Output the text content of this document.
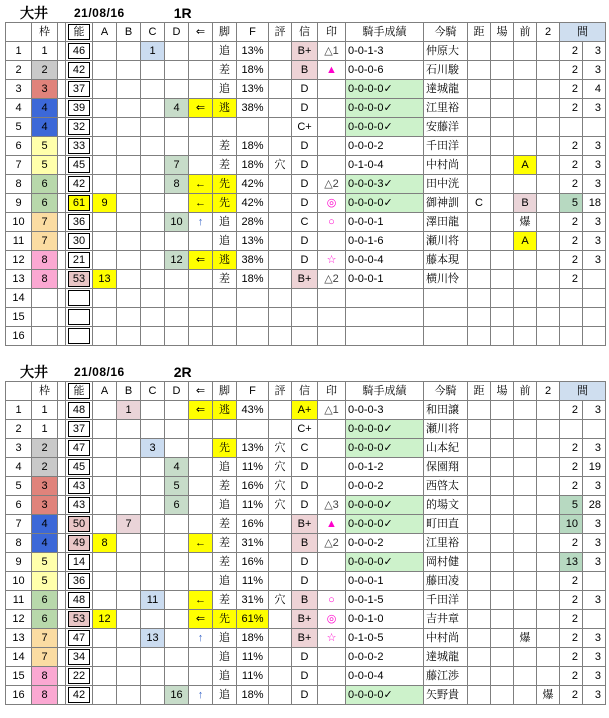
大井 21/08/16	1R
	枠		能	A	B	C	D	⇐	脚	F	評	信	印	騎手成績	今騎	距	場	前	2	間	
1	1		46			1			追	13%		B+	△1	0-0-1-3	仲原大					2	3
2	2		42						差	18%		B	▲	0-0-0-6	石川駿					2	3
3	3		37						追	13%		D		0-0-0-0✓	達城龍					2	4
4	4		39				4	⇐	逃	38%		D		0-0-0-0✓	江里裕					2	3
5	4		32									C+		0-0-0-0✓	安藤洋						
6	5		33						差	18%		D		0-0-0-2	千田洋					2	3
7	5		45				7		差	18%	穴	D		0-1-0-4	中村尚			A		2	3
8	6		42				8	←	先	42%		D	△2	0-0-0-3✓	田中洸					2	3
9	6		61	9				←	先	42%		D	◎	0-0-0-0✓	御神訓	C		B		5	18
10	7		36				10	↑	追	28%		C	○	0-0-0-1	澤田龍			爆		2	3
11	7		30						追	13%		D		0-0-1-6	瀬川将			A		2	3
12	8		21				12	⇐	逃	38%		D	☆	0-0-0-4	藤本現					2	3
13	8		53	13					差	18%		B+	△2	0-0-0-1	横川怜					2	
14			

15			

16			

大井 21/08/16	2R
	枠		能	A	B	C	D	⇐	脚	F	評	信	印	騎手成績	今騎	距	場	前	2	間	
1	1		48		1			⇐	逃	43%		A+	△1	0-0-0-3	和田譲					2	3
2	1		37									C+		0-0-0-0✓	瀬川将						
3	2		47			3			先	13%	穴	C		0-0-0-0✓	山本紀					2	3
4	2		45				4		追	11%	穴	D		0-0-1-2	保園翔					2	19
5	3		43				5		差	16%	穴	D		0-0-0-2	西啓太					2	3
6	3		43				6		追	11%	穴	D	△3	0-0-0-0✓	的場文					5	28
7	4		50		7				差	16%		B+	▲	0-0-0-0✓	町田直					10	3
8	4		49	8				←	差	31%		B	△2	0-0-0-2	江里裕					2	3
9	5		14						差	16%		D		0-0-0-0✓	岡村健					13	3
10	5		36						追	11%		D		0-0-0-1	藤田凌					2	
11	6		48			11		←	差	31%	穴	B	○	0-0-1-5	千田洋					2	3
12	6		53	12				⇐	先	61%		B+	◎	0-0-1-0	吉井章					2	
13	7		47			13		↑	追	18%		B+	☆	0-1-0-5	中村尚			爆		2	3
14	7		34						追	11%		D		0-0-0-2	達城龍					2	3
15	8		22						追	11%		D		0-0-0-4	藤江渉					2	3
16	8		42				16	↑	追	18%		D		0-0-0-0✓	矢野貴				爆	2	3
